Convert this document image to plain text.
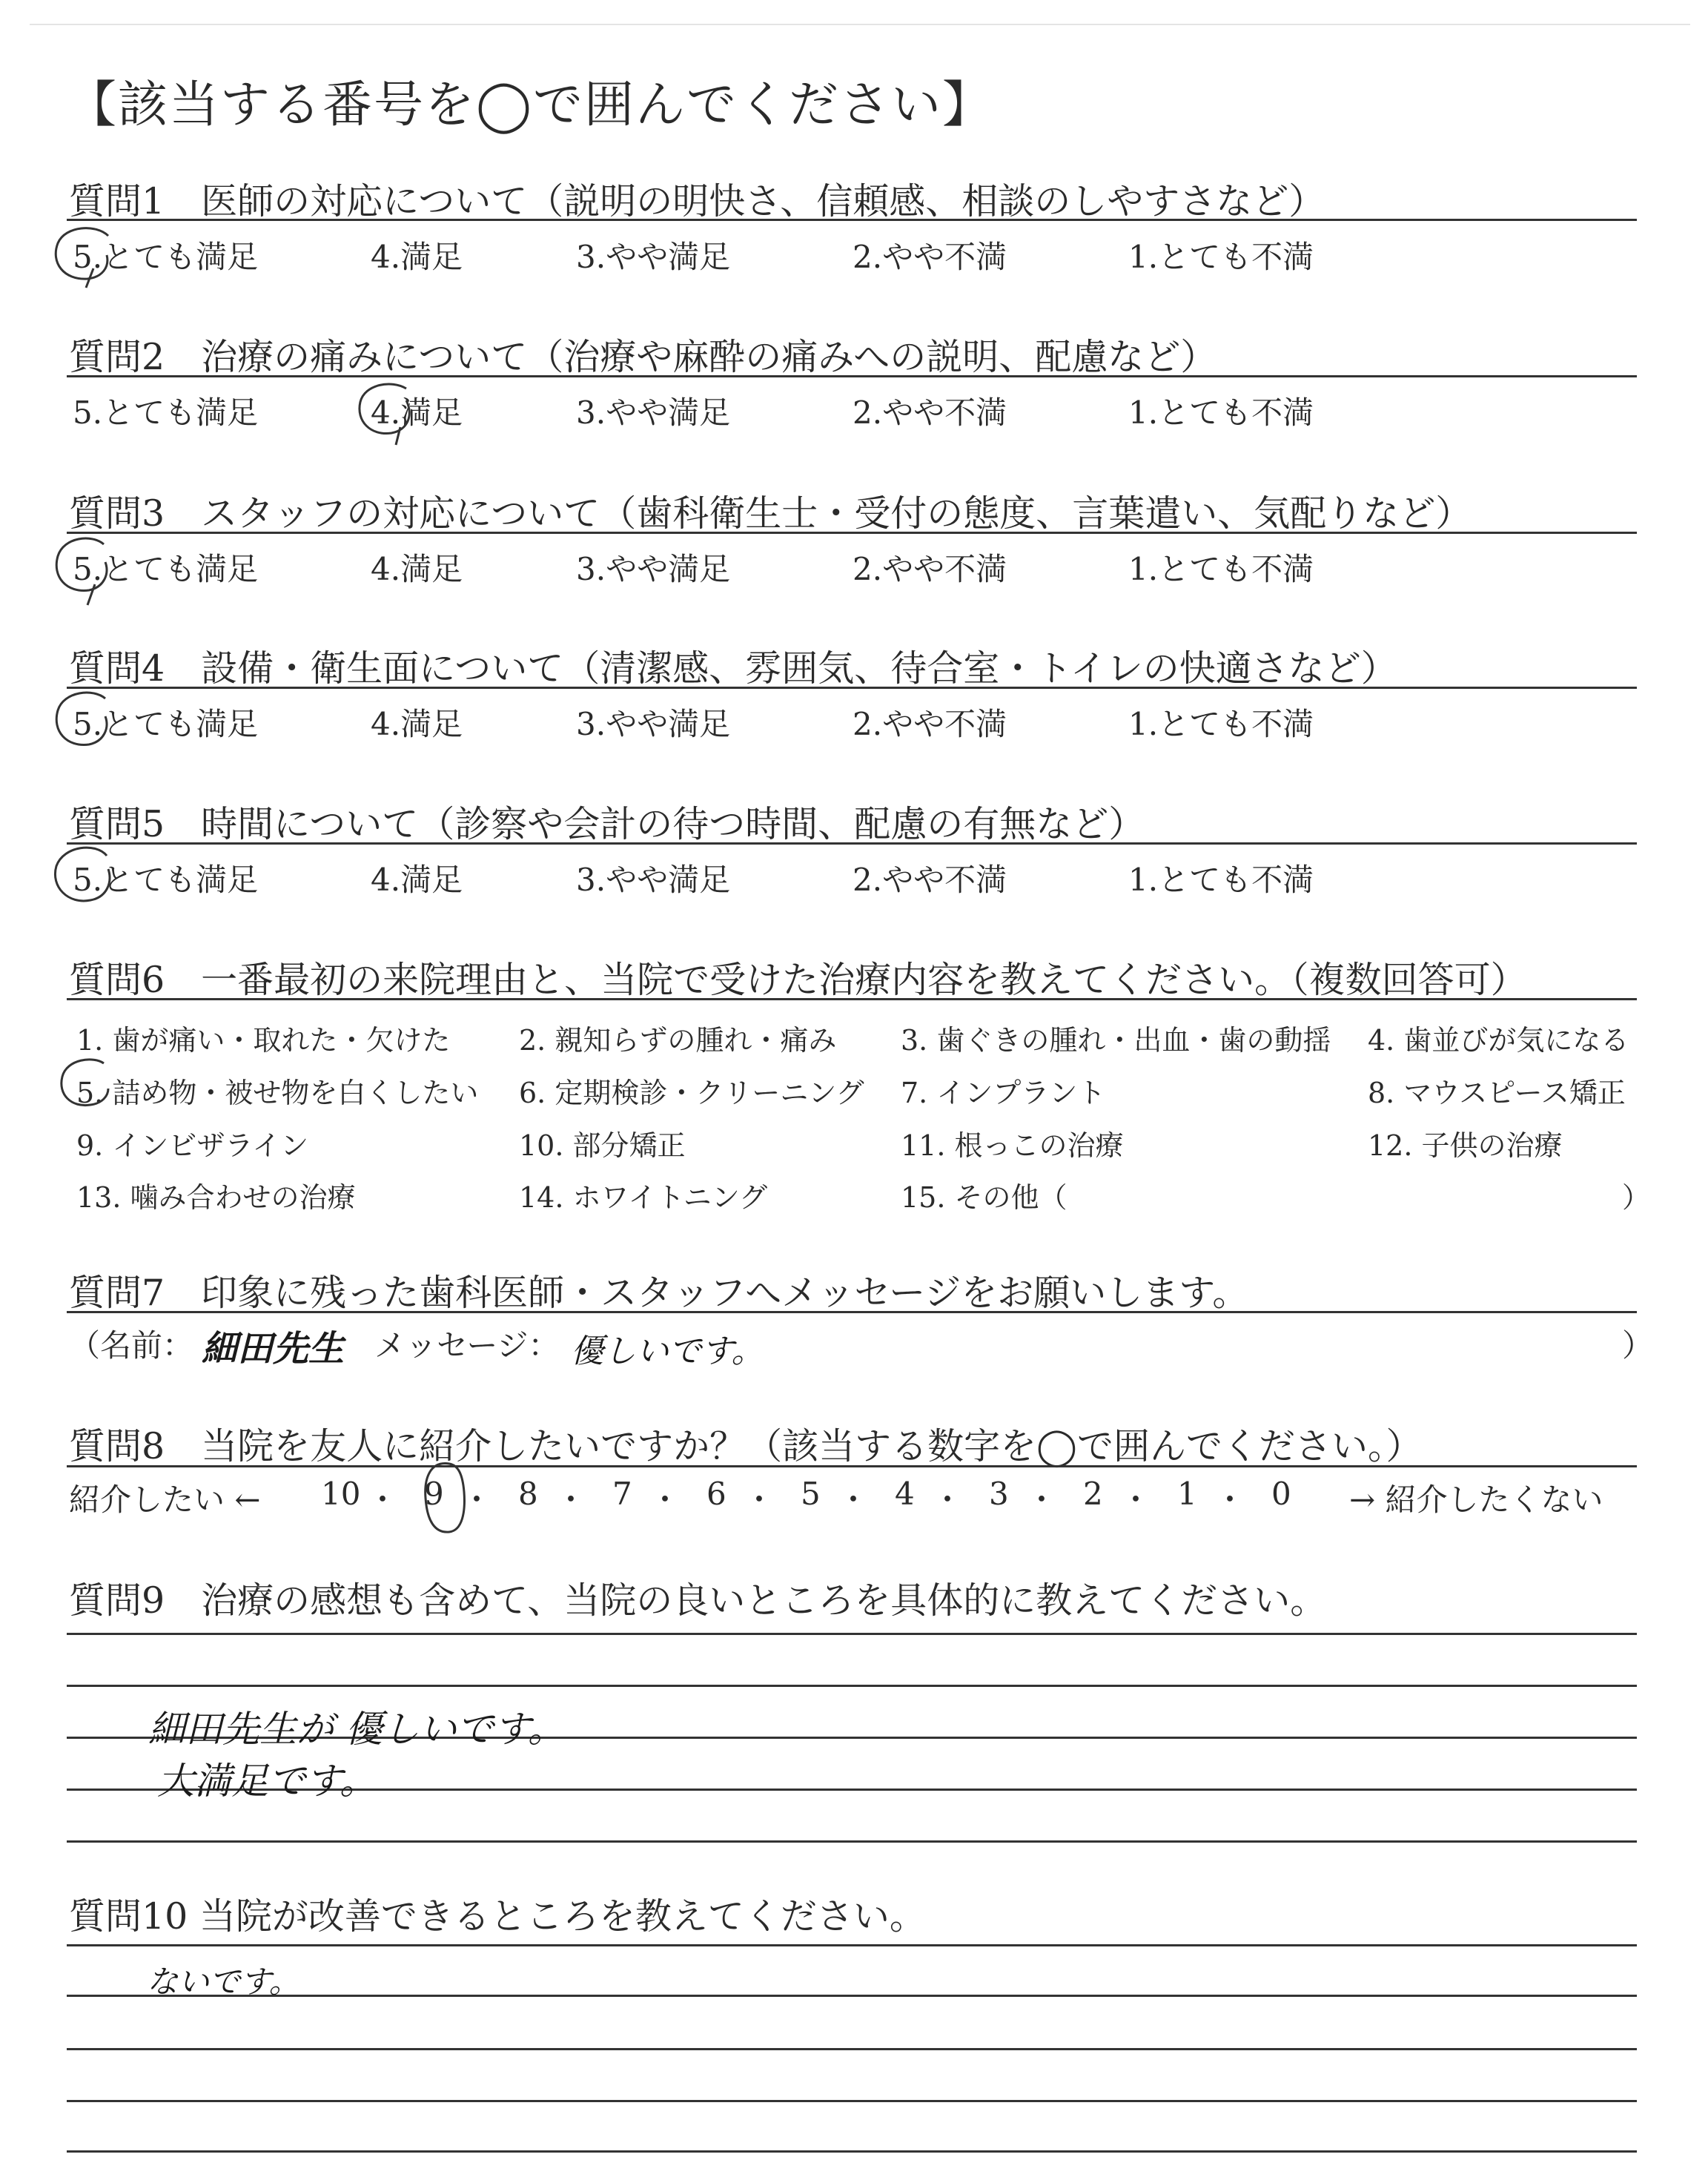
【該当する番号を◯で囲んでください】
質問1　医師の対応について（説明の明快さ、信頼感、相談のしやすさなど）
5.とても満足	4.満足	3.やや満足	2.やや不満	1.とても不満
質問2　治療の痛みについて（治療や麻酔の痛みへの説明、配慮など）
5.とても満足	4.満足	3.やや満足	2.やや不満	1.とても不満
質問3　スタッフの対応について（歯科衛生士・受付の態度、言葉遣い、気配りなど）
5.とても満足	4.満足	3.やや満足	2.やや不満	1.とても不満
質問4　設備・衛生面について（清潔感、雰囲気、待合室・トイレの快適さなど）
5.とても満足	4.満足	3.やや満足	2.やや不満	1.とても不満
質問5　時間について（診察や会計の待つ時間、配慮の有無など）
5.とても満足	4.満足	3.やや満足	2.やや不満	1.とても不満
質問6　一番最初の来院理由と、当院で受けた治療内容を教えてください。（複数回答可）
1. 歯が痛い・取れた・欠けた 2. 親知らずの腫れ・痛み 3. 歯ぐきの腫れ・出血・歯の動揺 4. 歯並びが気になる
5. 詰め物・被せ物を白くしたい 6. 定期検診・クリーニング 7. インプラント	8. マウスピース矯正
9. インビザライン	10. 部分矯正	11. 根っこの治療	12. 子供の治療
13. 噛み合わせの治療	14. ホワイトニング	15. その他（	）
質問7　印象に残った歯科医師・スタッフへメッセージをお願いします。
（名前： 細田先生 メッセージ： 優しいです。	）
質問8　当院を友人に紹介したいですか？（該当する数字を◯で囲んでください。）
紹介したい ← 10 ・ 9 ・ 8 ・ 7 ・ 6 ・ 5 ・ 4 ・ 3 ・ 2 ・ 1 ・ 0 → 紹介したくない
質問9　治療の感想も含めて、当院の良いところを具体的に教えてください。
細田先生が 優しいです。
大満足です。
質問10 当院が改善できるところを教えてください。
ないです。
